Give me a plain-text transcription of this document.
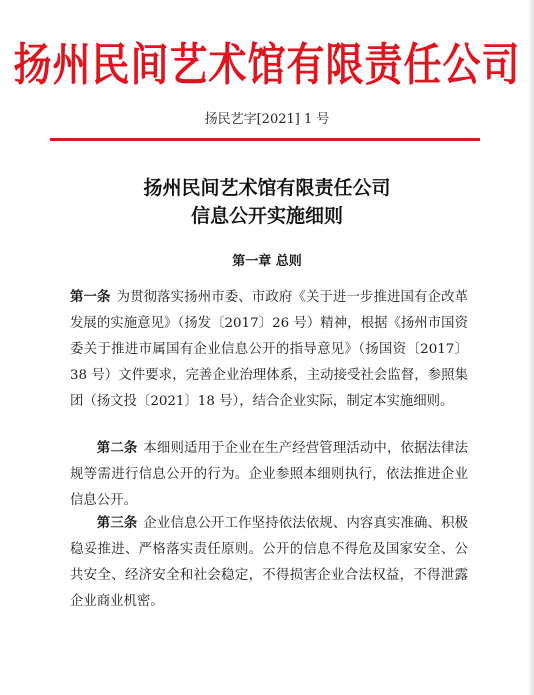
扬州民间艺术馆有限责任公司
扬民艺字[2021] 1 号
扬州民间艺术馆有限责任公司
信息公开实施细则
第一章 总则
第一条 为贯彻落实扬州市委、市政府《关于进一步推进国有企改革发展的实施意见》（扬发〔2017〕26 号）精神，根据《扬州市国资委关于推进市属国有企业信息公开的指导意见》（扬国资〔2017〕38 号）文件要求，完善企业治理体系，主动接受社会监督，参照集团（扬文投〔2021〕18 号），结合企业实际，制定本实施细则。
第二条 本细则适用于企业在生产经营管理活动中，依据法律法规等需进行信息公开的行为。企业参照本细则执行，依法推进企业信息公开。
第三条 企业信息公开工作坚持依法依规、内容真实准确、积极稳妥推进、严格落实责任原则。公开的信息不得危及国家安全、公共安全、经济安全和社会稳定，不得损害企业合法权益，不得泄露企业商业机密。
